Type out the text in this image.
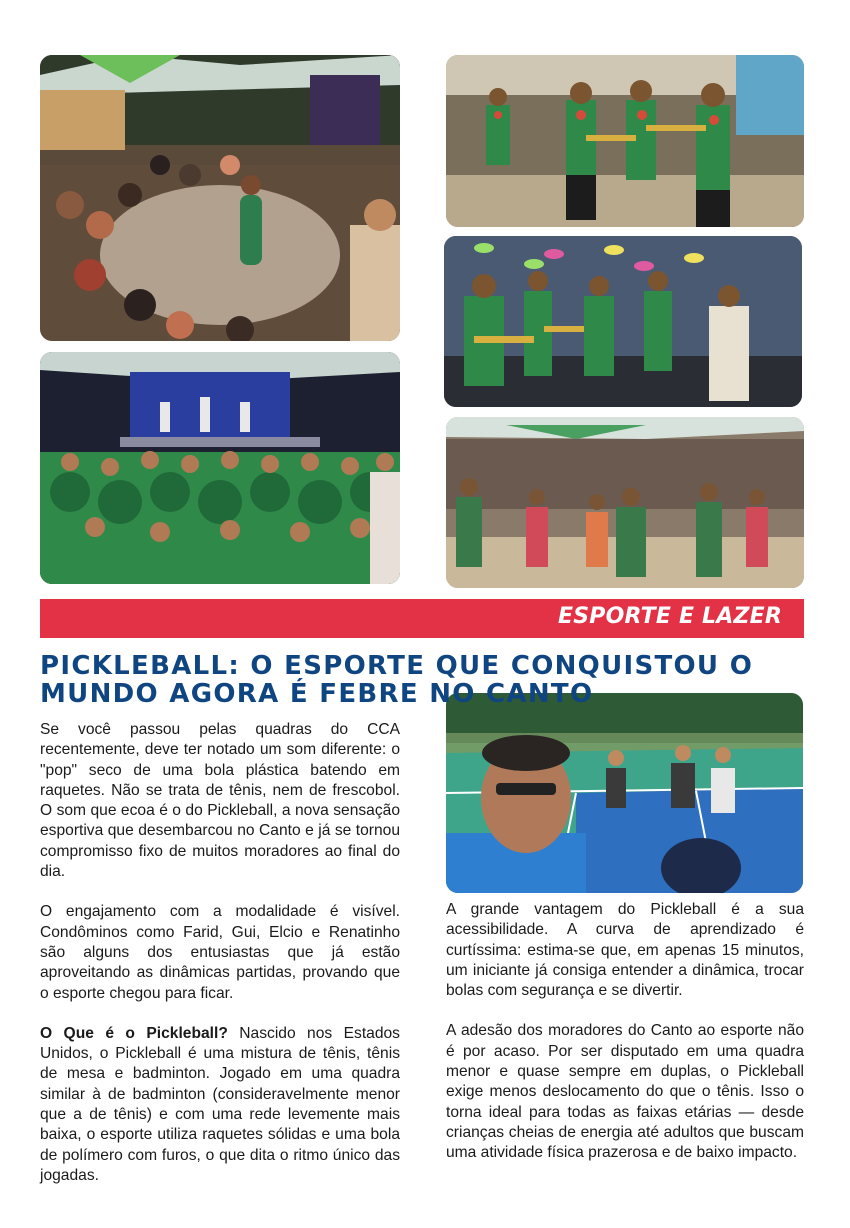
ESPORTE E LAZER
PICKLEBALL: O ESPORTE QUE CONQUISTOU O MUNDO AGORA É FEBRE NO CANTO

Se você passou pelas quadras do CCA recentemente, deve ter notado um som diferente: o "pop" seco de uma bola plástica batendo em raquetes. Não se trata de tênis, nem de frescobol. O som que ecoa é o do Pickleball, a nova sensação esportiva que desembarcou no Canto e já se tornou compromisso fixo de muitos moradores ao final do dia.

O engajamento com a modalidade é visível. Condôminos como Farid, Gui, Elcio e Renatinho são alguns dos entusiastas que já estão aproveitando as dinâmicas partidas, provando que o esporte chegou para ficar.

O Que é o Pickleball? Nascido nos Estados Unidos, o Pickleball é uma mistura de tênis, tênis de mesa e badminton. Jogado em uma quadra similar à de badminton (consideravelmente menor que a de tênis) e com uma rede levemente mais baixa, o esporte utiliza raquetes sólidas e uma bola de polímero com furos, o que dita o ritmo único das jogadas.

A grande vantagem do Pickleball é a sua acessibilidade. A curva de aprendizado é curtíssima: estima-se que, em apenas 15 minutos, um iniciante já consiga entender a dinâmica, trocar bolas com segurança e se divertir.

A adesão dos moradores do Canto ao esporte não é por acaso. Por ser disputado em uma quadra menor e quase sempre em duplas, o Pickleball exige menos deslocamento do que o tênis. Isso o torna ideal para todas as faixas etárias — desde crianças cheias de energia até adultos que buscam uma atividade física prazerosa e de baixo impacto.
